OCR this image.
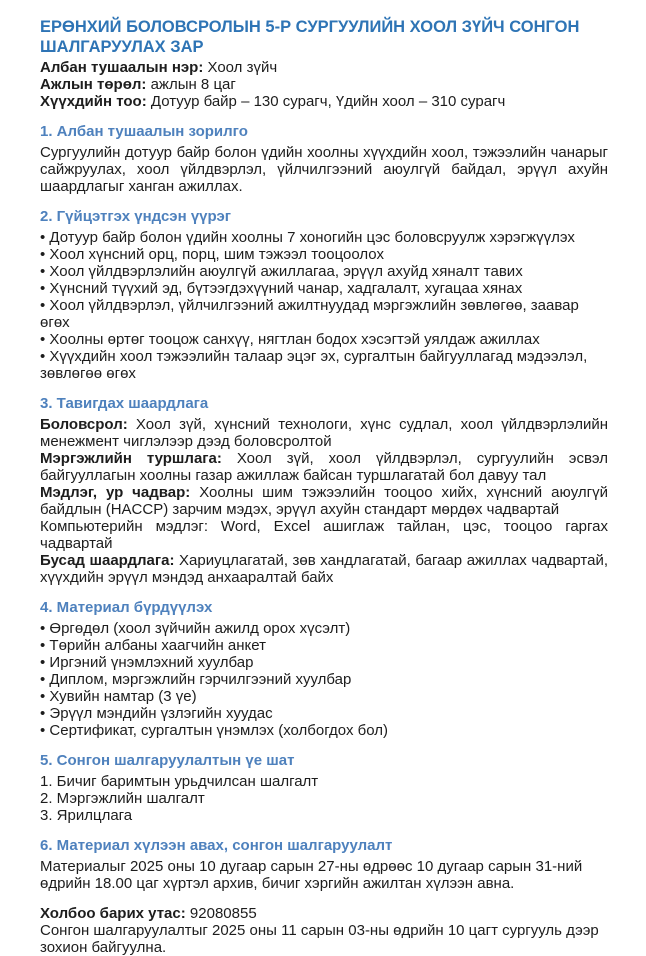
ЕРӨНХИЙ БОЛОВСРОЛЫН 5-Р СУРГУУЛИЙН ХООЛ ЗҮЙЧ СОНГОН ШАЛГАРУУЛАХ ЗАР

Албан тушаалын нэр: Хоол зүйч

Ажлын төрөл: ажлын 8 цаг

Хүүхдийн тоо: Дотуур байр – 130 сурагч, Үдийн хоол – 310 сурагч

1. Албан тушаалын зорилго

Сургуулийн дотуур байр болон үдийн хоолны хүүхдийн хоол, тэжээлийн чанарыг сайжруулах, хоол үйлдвэрлэл, үйлчилгээний аюулгүй байдал, эрүүл ахуйн шаардлагыг ханган ажиллах.

2. Гүйцэтгэх үндсэн үүрэг

• Дотуур байр болон үдийн хоолны 7 хоногийн цэс боловсруулж хэрэгжүүлэх

• Хоол хүнсний орц, порц, шим тэжээл тооцоолох

• Хоол үйлдвэрлэлийн аюулгүй ажиллагаа, эрүүл ахуйд хяналт тавих

• Хүнсний түүхий эд, бүтээгдэхүүний чанар, хадгалалт, хугацаа хянах

• Хоол үйлдвэрлэл, үйлчилгээний ажилтнуудад мэргэжлийн зөвлөгөө, заавар өгөх

• Хоолны өртөг тооцож санхүү, нягтлан бодох хэсэгтэй уялдаж ажиллах

• Хүүхдийн хоол тэжээлийн талаар эцэг эх, сургалтын байгууллагад мэдээлэл, зөвлөгөө өгөх

3. Тавигдах шаардлага

Боловсрол: Хоол зүй, хүнсний технологи, хүнс судлал, хоол үйлдвэрлэлийн менежмент чиглэлээр дээд боловсролтой

Мэргэжлийн туршлага: Хоол зүй, хоол үйлдвэрлэл, сургуулийн эсвэл байгууллагын хоолны газар ажиллаж байсан туршлагатай бол давуу тал

Мэдлэг, ур чадвар: Хоолны шим тэжээлийн тооцоо хийх, хүнсний аюулгүй байдлын (HACCP) зарчим мэдэх, эрүүл ахуйн стандарт мөрдөх чадвартай

Компьютерийн мэдлэг: Word, Excel ашиглаж тайлан, цэс, тооцоо гаргах чадвартай

Бусад шаардлага: Хариуцлагатай, зөв хандлагатай, багаар ажиллах чадвартай, хүүхдийн эрүүл мэндэд анхааралтай байх

4. Материал бүрдүүлэх

• Өргөдөл (хоол зүйчийн ажилд орох хүсэлт)

• Төрийн албаны хаагчийн анкет

• Иргэний үнэмлэхний хуулбар

• Диплом, мэргэжлийн гэрчилгээний хуулбар

• Хувийн намтар (3 үе)

• Эрүүл мэндийн үзлэгийн хуудас

• Сертификат, сургалтын үнэмлэх (холбогдох бол)

5. Сонгон шалгаруулалтын үе шат

1. Бичиг баримтын урьдчилсан шалгалт

2. Мэргэжлийн шалгалт

3. Ярилцлага

6. Материал хүлээн авах, сонгон шалгаруулалт

Материалыг 2025 оны 10 дугаар сарын 27-ны өдрөөс 10 дугаар сарын 31-ний өдрийн 18.00 цаг хүртэл архив, бичиг хэргийн ажилтан хүлээн авна.

Холбоо барих утас: 92080855

Сонгон шалгаруулалтыг 2025 оны 11 сарын 03-ны өдрийн 10 цагт сургууль дээр зохион байгуулна.
